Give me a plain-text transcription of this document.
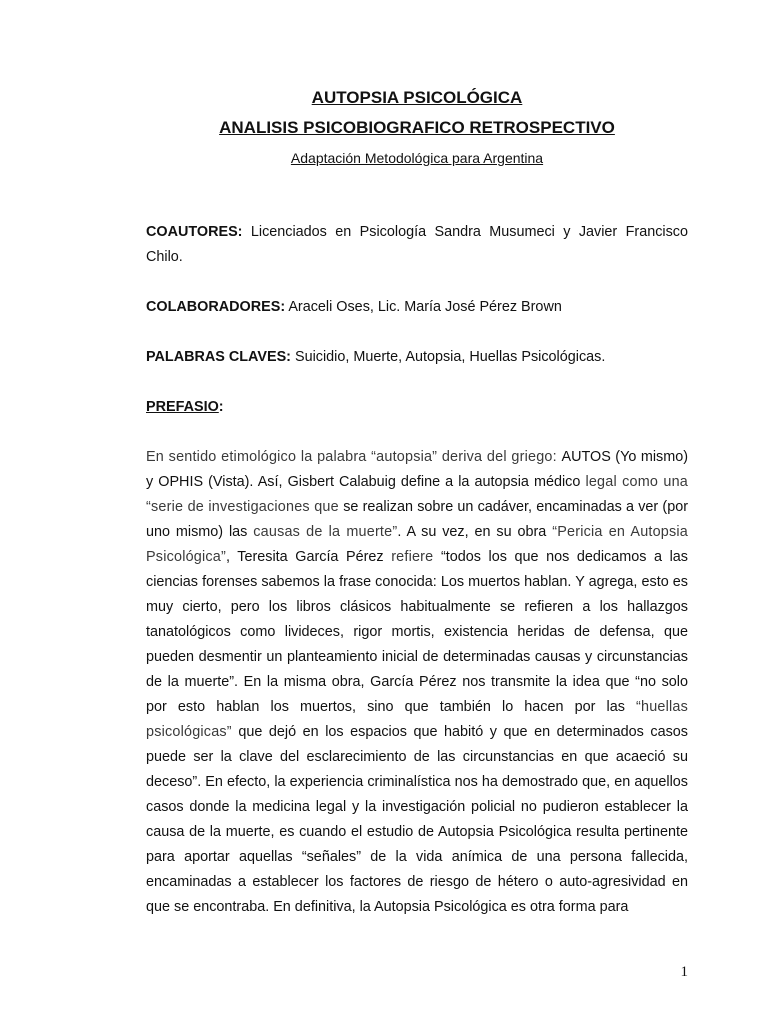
AUTOPSIA PSICOLÓGICA

ANALISIS PSICOBIOGRAFICO RETROSPECTIVO

Adaptación Metodológica para Argentina

COAUTORES: Licenciados en Psicología Sandra Musumeci y Javier Francisco Chilo.

COLABORADORES: Araceli Oses, Lic. María José Pérez Brown

PALABRAS CLAVES: Suicidio, Muerte, Autopsia, Huellas Psicológicas.

PREFASIO:

En sentido etimológico la palabra “autopsia” deriva del griego: AUTOS (Yo mismo) y OPHIS (Vista). Así, Gisbert Calabuig define a la autopsia médico legal como una “serie de investigaciones que se realizan sobre un cadáver, encaminadas a ver (por uno mismo) las causas de la muerte”. A su vez, en su obra “Pericia en Autopsia Psicológica”, Teresita García Pérez refiere “todos los que nos dedicamos a las ciencias forenses sabemos la frase conocida: Los muertos hablan. Y agrega, esto es muy cierto, pero los libros clásicos habitualmente se refieren a los hallazgos tanatológicos como livideces, rigor mortis, existencia heridas de defensa, que pueden desmentir un planteamiento inicial de determinadas causas y circunstancias de la muerte”. En la misma obra, García Pérez nos transmite la idea que “no solo por esto hablan los muertos, sino que también lo hacen por las “huellas psicológicas” que dejó en los espacios que habitó y que en determinados casos puede ser la clave del esclarecimiento de las circunstancias en que acaeció su deceso”. En efecto, la experiencia criminalística nos ha demostrado que, en aquellos casos donde la medicina legal y la investigación policial no pudieron establecer la causa de la muerte, es cuando el estudio de Autopsia Psicológica resulta pertinente para aportar aquellas “señales” de la vida anímica de una persona fallecida, encaminadas a establecer los factores de riesgo de hétero o auto-agresividad en que se encontraba. En definitiva, la Autopsia Psicológica es otra forma para

1
